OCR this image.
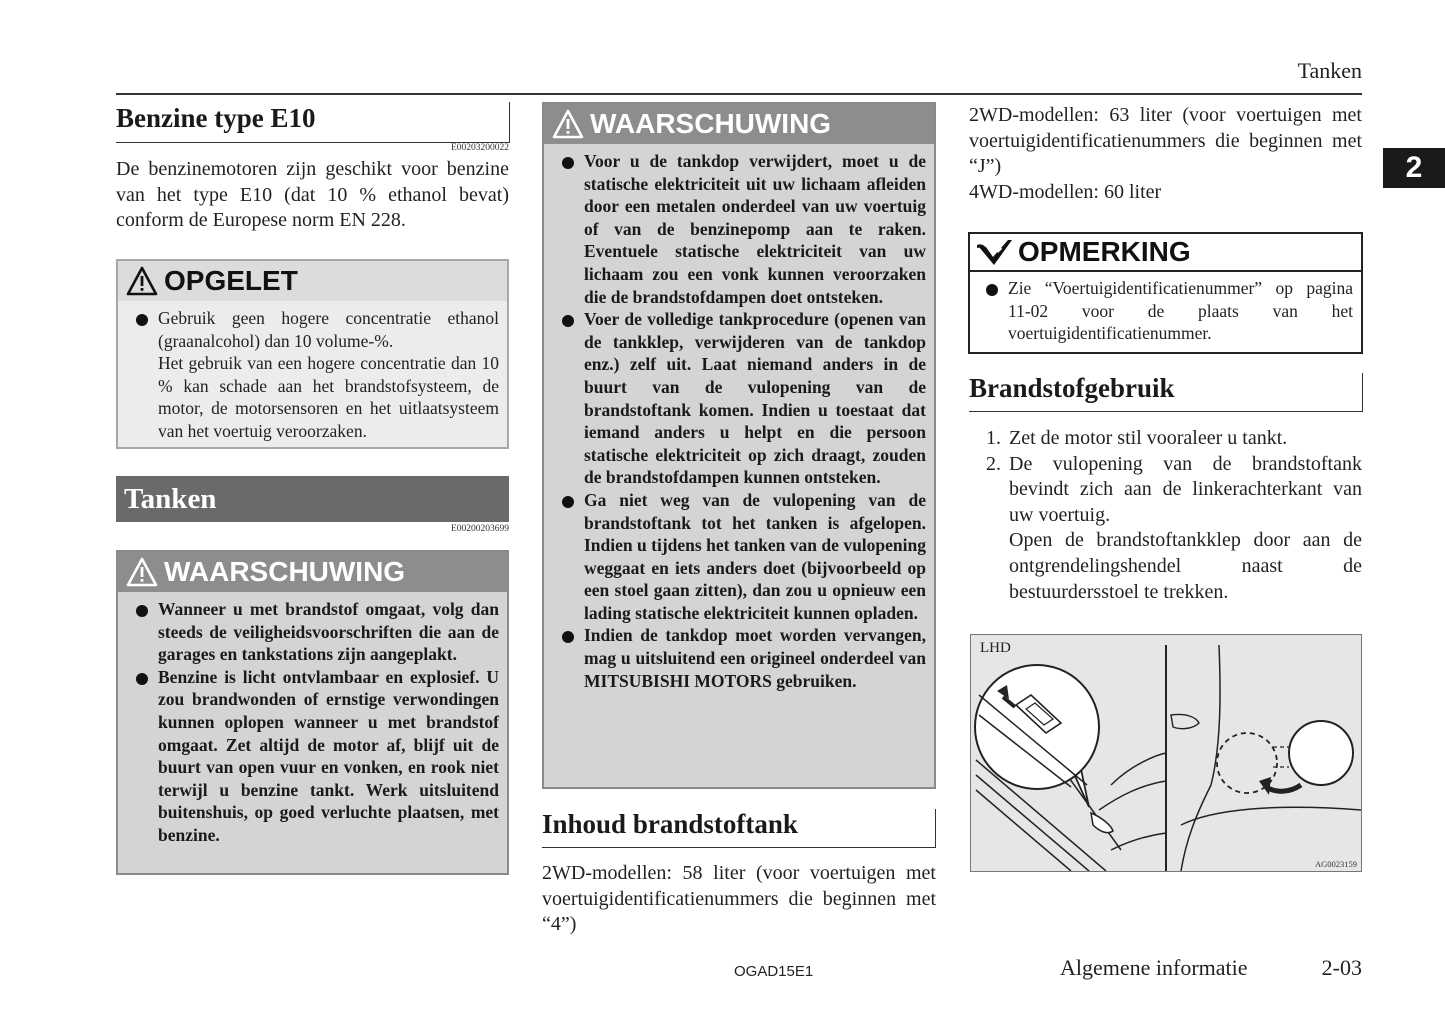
Tanken
2
Benzine type E10
E00203200022
De benzinemotoren zijn geschikt voor benzine van het type E10 (dat 10 % ethanol bevat) conform de Europese norm EN 228.
OPGELET
Gebruik geen hogere concentratie ethanol (graanalcohol) dan 10 volume-%.
Het gebruik van een hogere concentratie dan 10 % kan schade aan het brandstofsysteem, de motor, de motorsensoren en het uitlaatsysteem van het voertuig veroorzaken.
Tanken
E00200203699
WAARSCHUWING
Wanneer u met brandstof omgaat, volg dan steeds de veiligheidsvoorschriften die aan de garages en tankstations zijn aangeplakt.
Benzine is licht ontvlambaar en explosief. U zou brandwonden of ernstige verwondingen kunnen oplopen wanneer u met brandstof omgaat. Zet altijd de motor af, blijf uit de buurt van open vuur en vonken, en rook niet terwijl u benzine tankt. Werk uitsluitend buitenshuis, op goed verluchte plaatsen, met benzine.
WAARSCHUWING
Voor u de tankdop verwijdert, moet u de statische elektriciteit uit uw lichaam afleiden door een metalen onderdeel van uw voertuig of van de benzinepomp aan te raken. Eventuele statische elektriciteit van uw lichaam zou een vonk kunnen veroorzaken die de brandstofdampen doet ontsteken.
Voer de volledige tankprocedure (openen van de tankklep, verwijderen van de tankdop enz.) zelf uit. Laat niemand anders in de buurt van de vulopening van de brandstoftank komen. Indien u toestaat dat iemand anders u helpt en die persoon statische elektriciteit op zich draagt, zouden de brandstofdampen kunnen ontsteken.
Ga niet weg van de vulopening van de brandstoftank tot het tanken is afgelopen. Indien u tijdens het tanken van de vulopening weggaat en iets anders doet (bijvoorbeeld op een stoel gaan zitten), dan zou u opnieuw een lading statische elektriciteit kunnen opladen.
Indien de tankdop moet worden vervangen, mag u uitsluitend een origineel onderdeel van MITSUBISHI MOTORS gebruiken.
Inhoud brandstoftank
2WD-modellen: 58 liter (voor voertuigen met voertuigidentificatienummers die beginnen met “4”)
2WD-modellen: 63 liter (voor voertuigen met voertuigidentificatienummers die beginnen met “J”)
4WD-modellen: 60 liter
OPMERKING
Zie “Voertuigidentificatienummer” op pagina 11-02 voor de plaats van het voertuigidentificatienummer.
Brandstofgebruik
1. Zet de motor stil vooraleer u tankt.
2. De vulopening van de brandstoftank bevindt zich aan de linkerachterkant van uw voertuig.
Open de brandstoftankklep door aan de ontgrendelingshendel naast de bestuurdersstoel te trekken.
LHD
AG0023159
OGAD15E1	Algemene informatie	2-03
